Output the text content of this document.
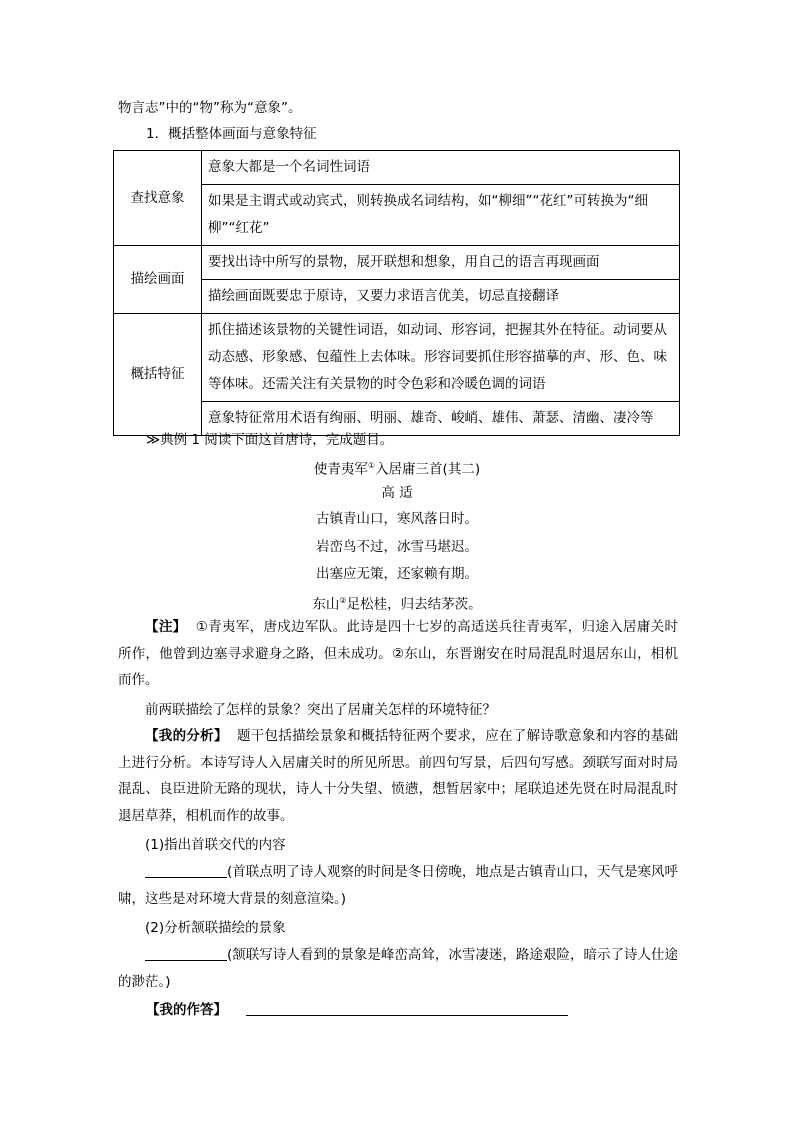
物言志”中的“物”称为“意象”。
1．概括整体画面与意象特征
查找意象	意象大都是一个名词性词语
	如果是主谓式或动宾式，则转换成名词结构，如“柳细”“花红”可转换为“细柳”“红花”
描绘画面	要找出诗中所写的景物，展开联想和想象，用自己的语言再现画面
	描绘画面既要忠于原诗，又要力求语言优美，切忌直接翻译
概括特征	抓住描述该景物的关键性词语，如动词、形容词，把握其外在特征。动词要从动态感、形象感、包蕴性上去体味。形容词要抓住形容描摹的声、形、色、味等体味。还需关注有关景物的时令色彩和冷暖色调的词语
	意象特征常用术语有绚丽、明丽、雄奇、峻峭、雄伟、萧瑟、清幽、凄冷等
≫典例 1 阅读下面这首唐诗，完成题目。
使青夷军①入居庸三首(其二)
高 适
古镇青山口，寒风落日时。
岩峦鸟不过，冰雪马堪迟。
出塞应无策，还家赖有期。
东山②足松桂，归去结茅茨。
【注】 ①青夷军，唐戍边军队。此诗是四十七岁的高适送兵往青夷军，归途入居庸关时所作，他曾到边塞寻求避身之路，但未成功。②东山，东晋谢安在时局混乱时退居东山，相机而作。
前两联描绘了怎样的景象？突出了居庸关怎样的环境特征？
【我的分析】 题干包括描绘景象和概括特征两个要求，应在了解诗歌意象和内容的基础上进行分析。本诗写诗人入居庸关时的所见所思。前四句写景，后四句写感。颈联写面对时局混乱、良臣进阶无路的现状，诗人十分失望、愤懑，想暂居家中；尾联追述先贤在时局混乱时退居草莽，相机而作的故事。
(1)指出首联交代的内容
(首联点明了诗人观察的时间是冬日傍晚，地点是古镇青山口，天气是寒风呼啸，这些是对环境大背景的刻意渲染。)
(2)分析颔联描绘的景象
(颔联写诗人看到的景象是峰峦高耸，冰雪凄迷，路途艰险，暗示了诗人仕途的渺茫。)
【我的作答】
